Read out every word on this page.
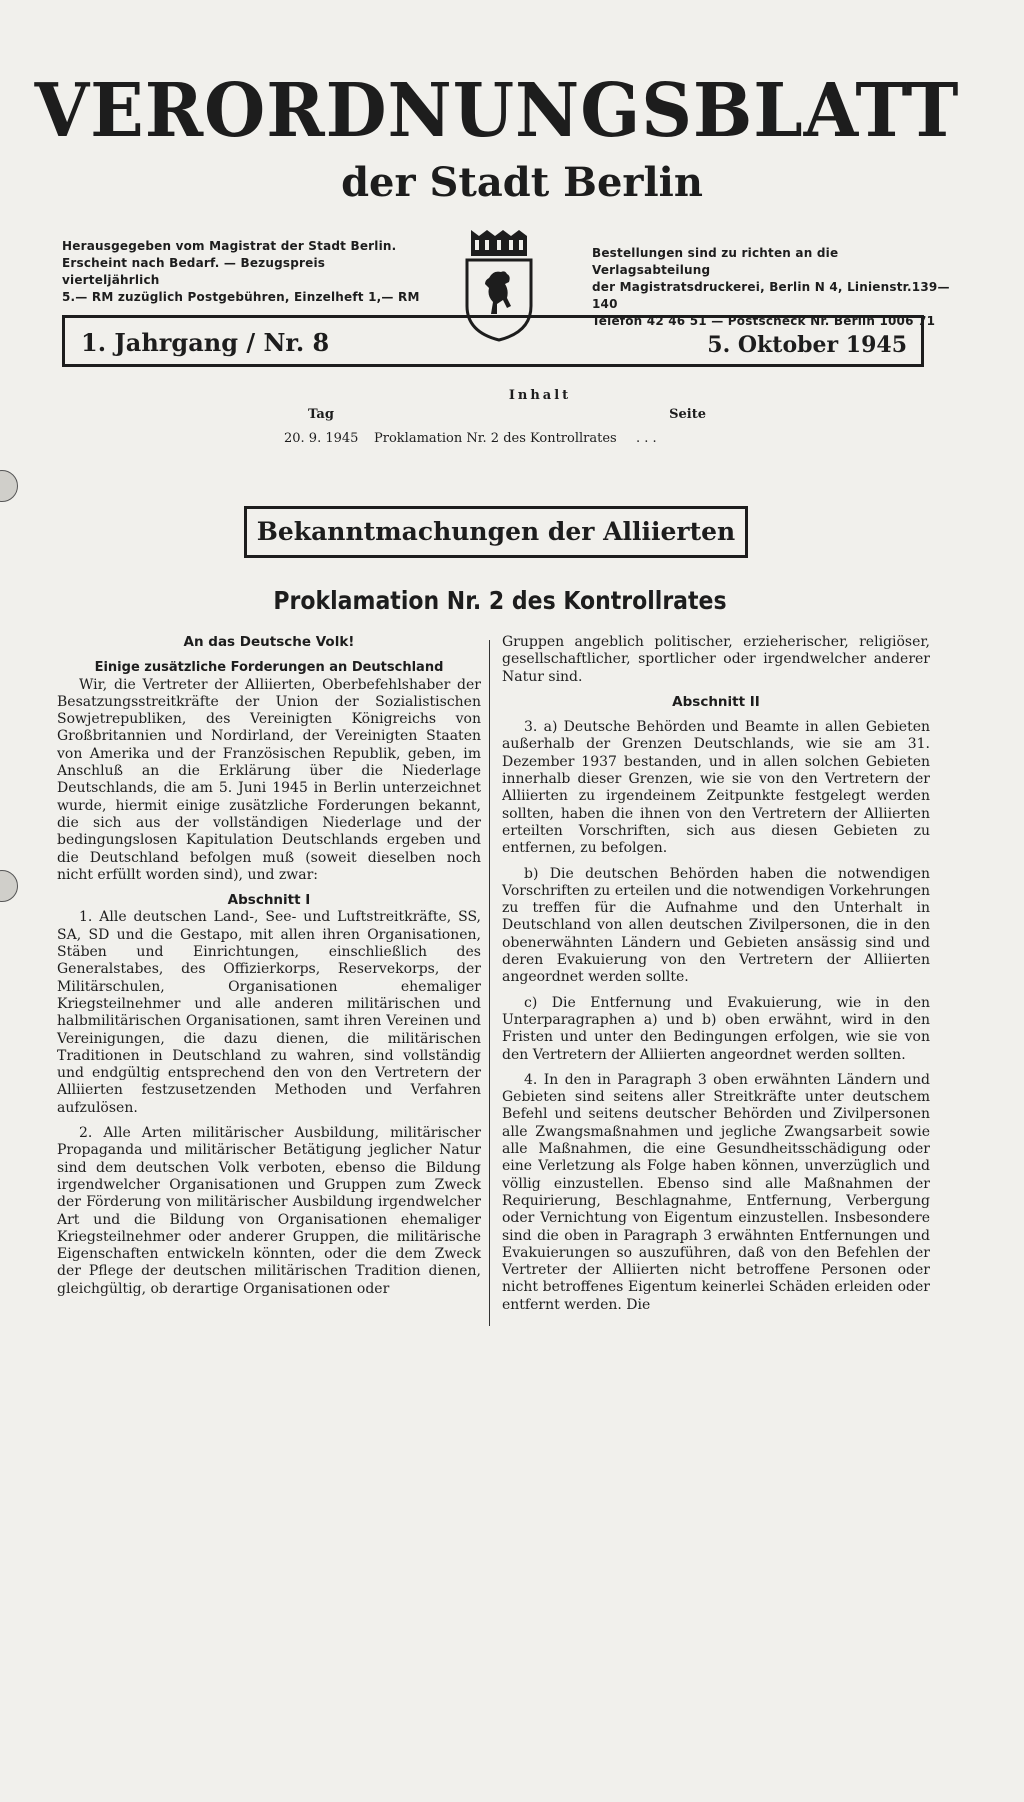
VERORDNUNGSBLATT
der Stadt Berlin
Herausgegeben vom Magistrat der Stadt Berlin.
Erscheint nach Bedarf. — Bezugspreis vierteljährlich
5.— RM zuzüglich Postgebühren, Einzelheft 1,— RM
Bestellungen sind zu richten an die Verlagsabteilung
der Magistratsdruckerei, Berlin N 4, Linienstr.139—140
Telefon 42 46 51 — Postscheck Nr. Berlin 1006 71
1. Jahrgang / Nr. 8	5. Oktober 1945
Inhalt
Tag	Seite
20. 9. 1945 Proklamation Nr. 2 des Kontrollrates . . .
Bekanntmachungen der Alliierten
Proklamation Nr. 2 des Kontrollrates

An das Deutsche Volk!

Einige zusätzliche Forderungen an Deutschland

Wir, die Vertreter der Alliierten, Oberbefehlshaber der Besatzungsstreitkräfte der Union der Sozialistischen Sowjetrepubliken, des Vereinigten Königreichs von Großbritannien und Nordirland, der Vereinigten Staaten von Amerika und der Französischen Republik, geben, im Anschluß an die Erklärung über die Niederlage Deutschlands, die am 5. Juni 1945 in Berlin unterzeichnet wurde, hiermit einige zusätzliche Forderungen bekannt, die sich aus der vollständigen Niederlage und der bedingungslosen Kapitulation Deutschlands ergeben und die Deutschland befolgen muß (soweit dieselben noch nicht erfüllt worden sind), und zwar:

Abschnitt I

1. Alle deutschen Land-, See- und Luftstreitkräfte, SS, SA, SD und die Gestapo, mit allen ihren Organisationen, Stäben und Einrichtungen, einschließlich des Generalstabes, des Offizierkorps, Reservekorps, der Militärschulen, Organisationen ehemaliger Kriegsteilnehmer und alle anderen militärischen und halbmilitärischen Organisationen, samt ihren Vereinen und Vereinigungen, die dazu dienen, die militärischen Traditionen in Deutschland zu wahren, sind vollständig und endgültig entsprechend den von den Vertretern der Alliierten festzusetzenden Methoden und Verfahren aufzulösen.

2. Alle Arten militärischer Ausbildung, militärischer Propaganda und militärischer Betätigung jeglicher Natur sind dem deutschen Volk verboten, ebenso die Bildung irgendwelcher Organisationen und Gruppen zum Zweck der Förderung von militärischer Ausbildung irgendwelcher Art und die Bildung von Organisationen ehemaliger Kriegsteilnehmer oder anderer Gruppen, die militärische Eigenschaften entwickeln könnten, oder die dem Zweck der Pflege der deutschen militärischen Tradition dienen, gleichgültig, ob derartige Organisationen oder

Gruppen angeblich politischer, erzieherischer, religiöser, gesellschaftlicher, sportlicher oder irgendwelcher anderer Natur sind.

Abschnitt II

3. a) Deutsche Behörden und Beamte in allen Gebieten außerhalb der Grenzen Deutschlands, wie sie am 31. Dezember 1937 bestanden, und in allen solchen Gebieten innerhalb dieser Grenzen, wie sie von den Vertretern der Alliierten zu irgendeinem Zeitpunkte festgelegt werden sollten, haben die ihnen von den Vertretern der Alliierten erteilten Vorschriften, sich aus diesen Gebieten zu entfernen, zu befolgen.

b) Die deutschen Behörden haben die notwendigen Vorschriften zu erteilen und die notwendigen Vorkehrungen zu treffen für die Aufnahme und den Unterhalt in Deutschland von allen deutschen Zivilpersonen, die in den obenerwähnten Ländern und Gebieten ansässig sind und deren Evakuierung von den Vertretern der Alliierten angeordnet werden sollte.

c) Die Entfernung und Evakuierung, wie in den Unterparagraphen a) und b) oben erwähnt, wird in den Fristen und unter den Bedingungen erfolgen, wie sie von den Vertretern der Alliierten angeordnet werden sollten.

4. In den in Paragraph 3 oben erwähnten Ländern und Gebieten sind seitens aller Streitkräfte unter deutschem Befehl und seitens deutscher Behörden und Zivilpersonen alle Zwangsmaßnahmen und jegliche Zwangsarbeit sowie alle Maßnahmen, die eine Gesundheitsschädigung oder eine Verletzung als Folge haben können, unverzüglich und völlig einzustellen. Ebenso sind alle Maßnahmen der Requirierung, Beschlagnahme, Entfernung, Verbergung oder Vernichtung von Eigentum einzustellen. Insbesondere sind die oben in Paragraph 3 erwähnten Entfernungen und Evakuierungen so auszuführen, daß von den Befehlen der Vertreter der Alliierten nicht betroffene Personen oder nicht betroffenes Eigentum keinerlei Schäden erleiden oder entfernt werden. Die
